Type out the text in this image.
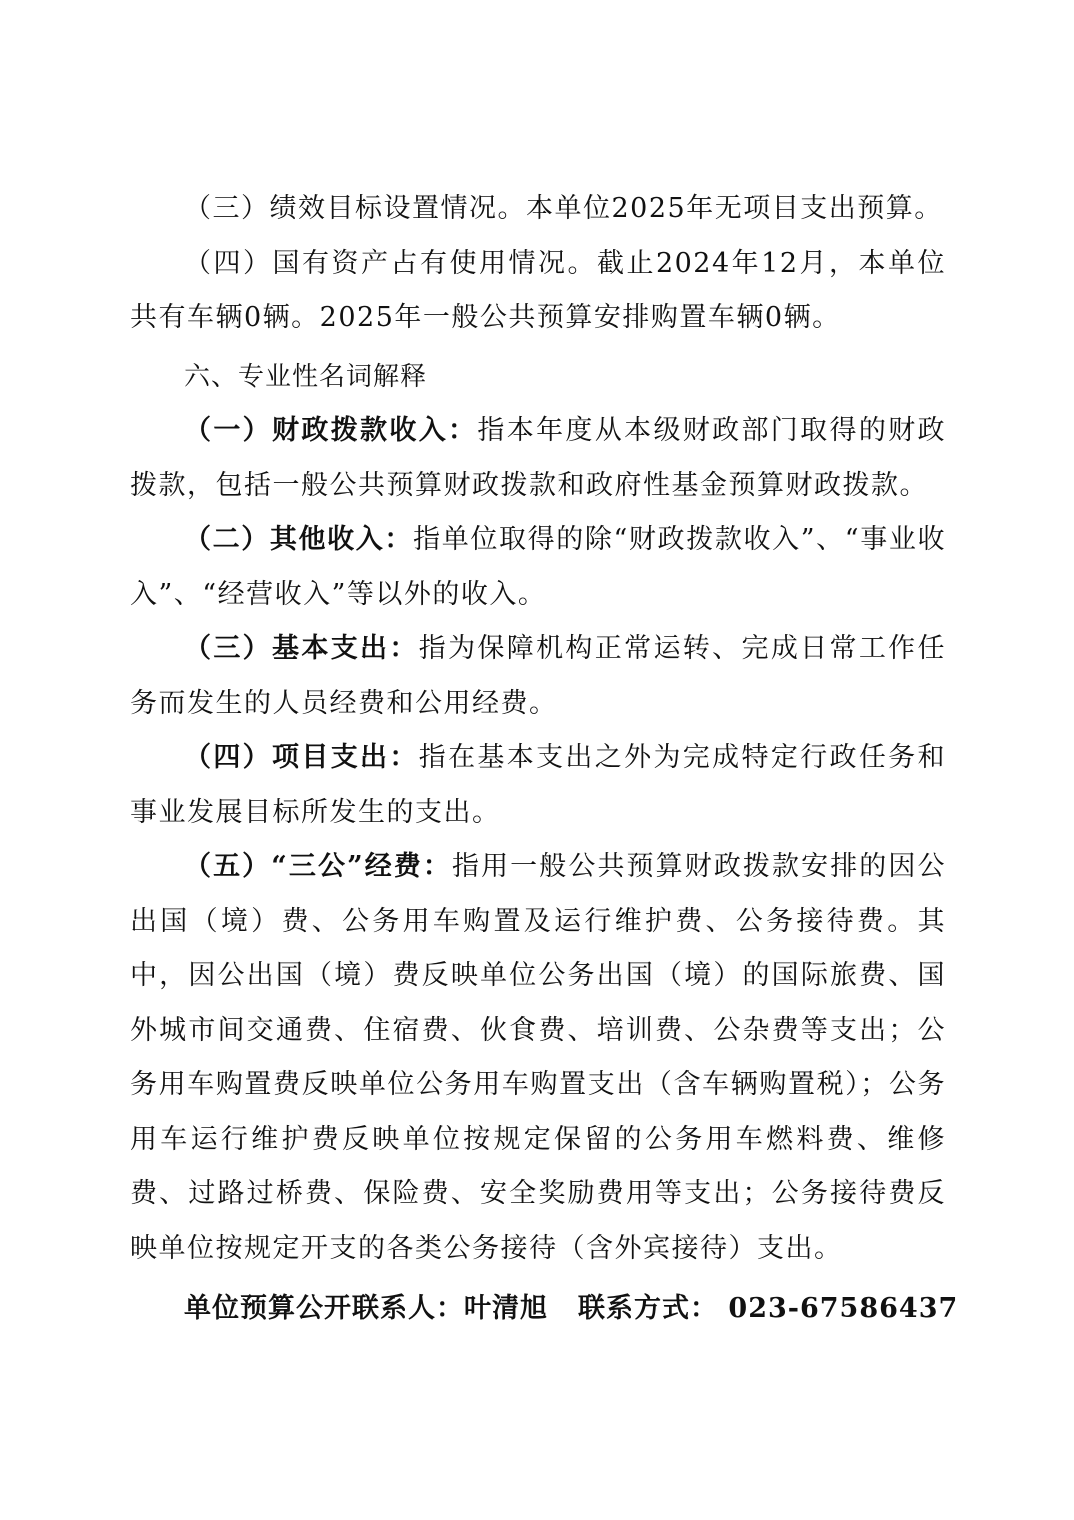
（三）绩效目标设置情况。本单位2025年无项目支出预算。

（四）国有资产占有使用情况。截止2024年12月，本单位共有车辆0辆。2025年一般公共预算安排购置车辆0辆。

六、专业性名词解释

（一）财政拨款收入：指本年度从本级财政部门取得的财政拨款，包括一般公共预算财政拨款和政府性基金预算财政拨款。

（二）其他收入：指单位取得的除“财政拨款收入”、“事业收入”、“经营收入”等以外的收入。

（三）基本支出：指为保障机构正常运转、完成日常工作任务而发生的人员经费和公用经费。

（四）项目支出：指在基本支出之外为完成特定行政任务和事业发展目标所发生的支出。

（五）“三公”经费：指用一般公共预算财政拨款安排的因公出国（境）费、公务用车购置及运行维护费、公务接待费。其中，因公出国（境）费反映单位公务出国（境）的国际旅费、国外城市间交通费、住宿费、伙食费、培训费、公杂费等支出；公务用车购置费反映单位公务用车购置支出（含车辆购置税）；公务用车运行维护费反映单位按规定保留的公务用车燃料费、维修费、过路过桥费、保险费、安全奖励费用等支出；公务接待费反映单位按规定开支的各类公务接待（含外宾接待）支出。

单位预算公开联系人：叶清旭 联系方式： 023-67586437
